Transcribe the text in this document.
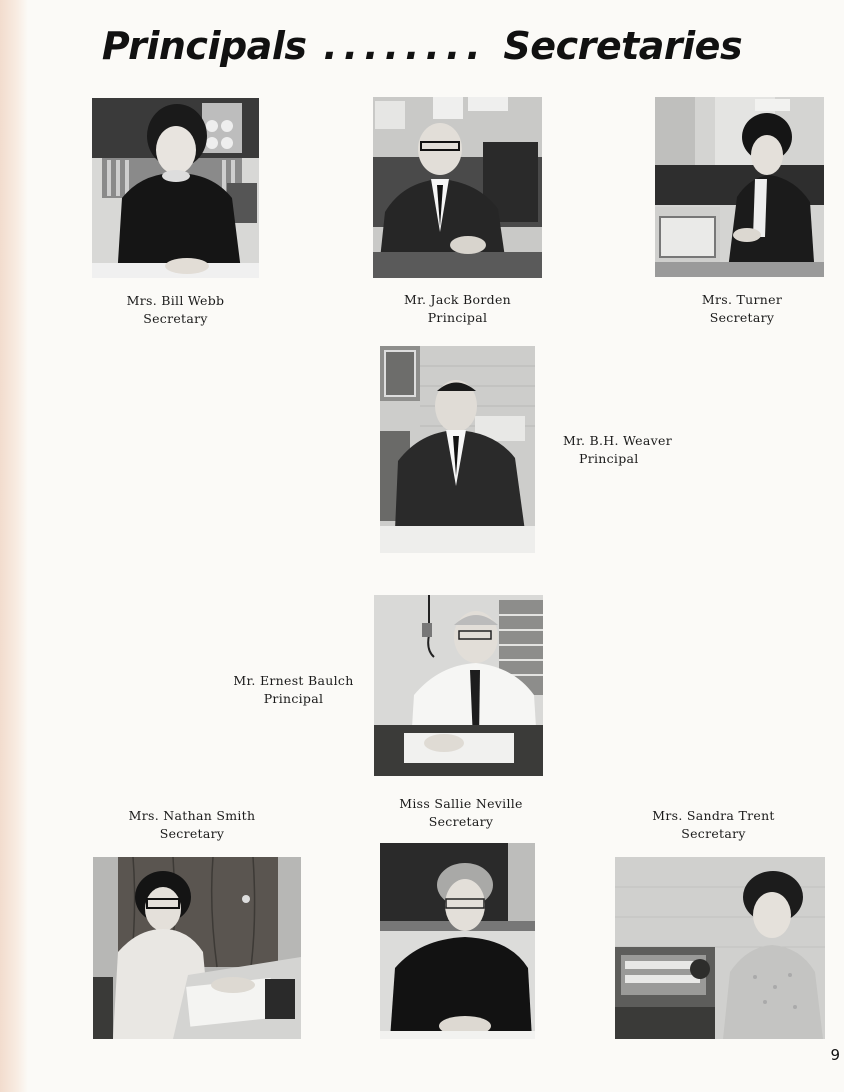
Principals ........ Secretaries
Mrs. Bill Webb
Secretary
Mr. Jack Borden
Principal
Mrs. Turner
Secretary
Mr. B.H. Weaver
Principal
Mr. Ernest Baulch
Principal
Mrs. Nathan Smith
Secretary
Miss Sallie Neville
Secretary	Mrs. Sandra Trent
Secretary
9
